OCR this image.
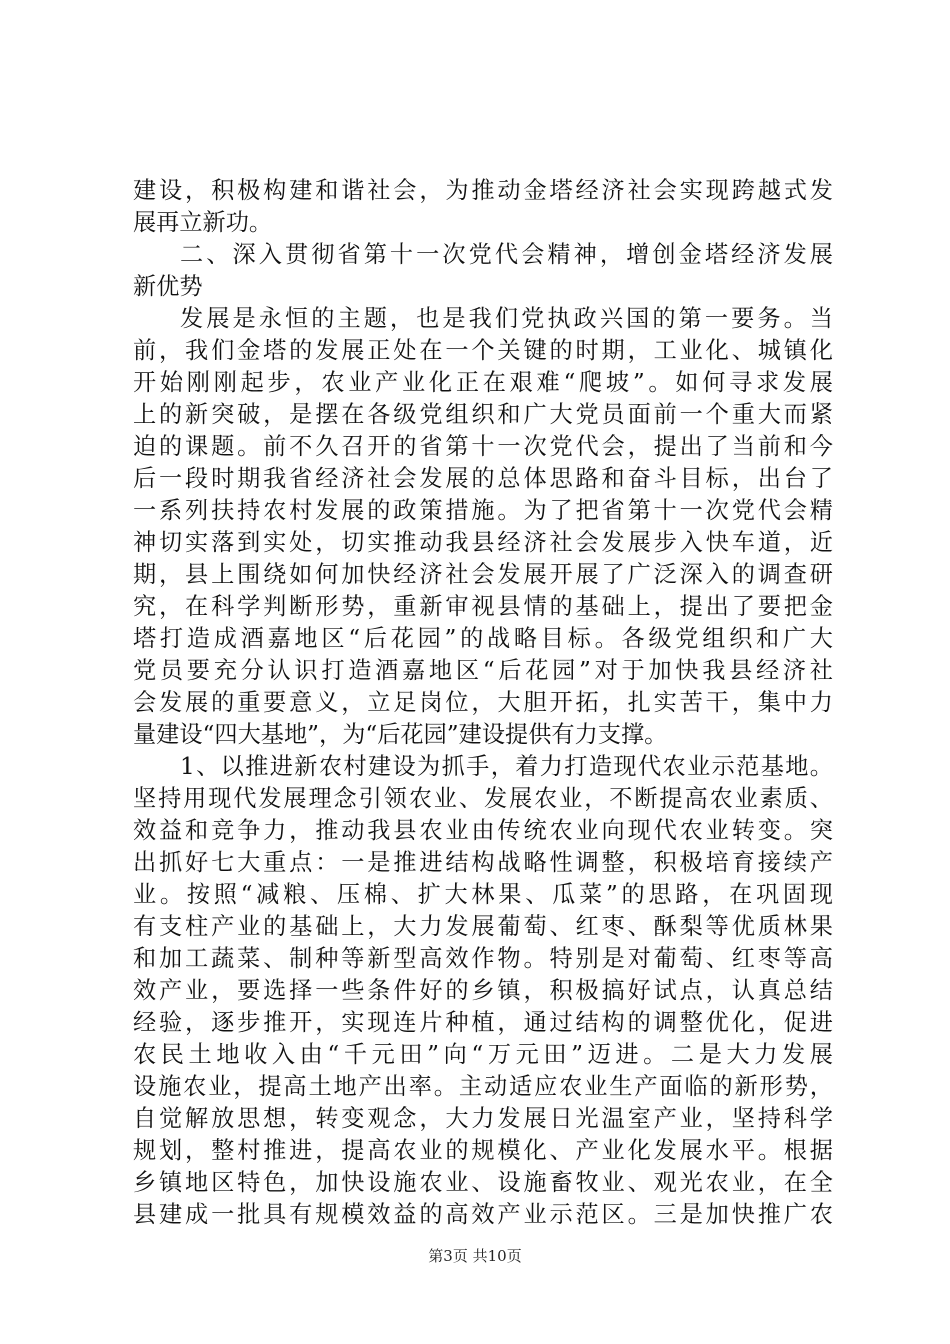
建设，积极构建和谐社会，为推动金塔经济社会实现跨越式发
展再立新功。
二、深入贯彻省第十一次党代会精神，增创金塔经济发展
新优势
发展是永恒的主题，也是我们党执政兴国的第一要务。当
前，我们金塔的发展正处在一个关键的时期，工业化、城镇化
开始刚刚起步，农业产业化正在艰难“爬坡”。如何寻求发展
上的新突破，是摆在各级党组织和广大党员面前一个重大而紧
迫的课题。前不久召开的省第十一次党代会，提出了当前和今
后一段时期我省经济社会发展的总体思路和奋斗目标，出台了
一系列扶持农村发展的政策措施。为了把省第十一次党代会精
神切实落到实处，切实推动我县经济社会发展步入快车道，近
期，县上围绕如何加快经济社会发展开展了广泛深入的调查研
究，在科学判断形势，重新审视县情的基础上，提出了要把金
塔打造成酒嘉地区“后花园”的战略目标。各级党组织和广大
党员要充分认识打造酒嘉地区“后花园”对于加快我县经济社
会发展的重要意义，立足岗位，大胆开拓，扎实苦干，集中力
量建设“四大基地”，为“后花园”建设提供有力支撑。
1、以推进新农村建设为抓手，着力打造现代农业示范基地。
坚持用现代发展理念引领农业、发展农业，不断提高农业素质、
效益和竞争力，推动我县农业由传统农业向现代农业转变。突
出抓好七大重点：一是推进结构战略性调整，积极培育接续产
业。按照“减粮、压棉、扩大林果、瓜菜”的思路，在巩固现
有支柱产业的基础上，大力发展葡萄、红枣、酥梨等优质林果
和加工蔬菜、制种等新型高效作物。特别是对葡萄、红枣等高
效产业，要选择一些条件好的乡镇，积极搞好试点，认真总结
经验，逐步推开，实现连片种植，通过结构的调整优化，促进
农民土地收入由“千元田”向“万元田”迈进。二是大力发展
设施农业，提高土地产出率。主动适应农业生产面临的新形势，
自觉解放思想，转变观念，大力发展日光温室产业，坚持科学
规划，整村推进，提高农业的规模化、产业化发展水平。根据
乡镇地区特色，加快设施农业、设施畜牧业、观光农业，在全
县建成一批具有规模效益的高效产业示范区。三是加快推广农
第3页 共10页
